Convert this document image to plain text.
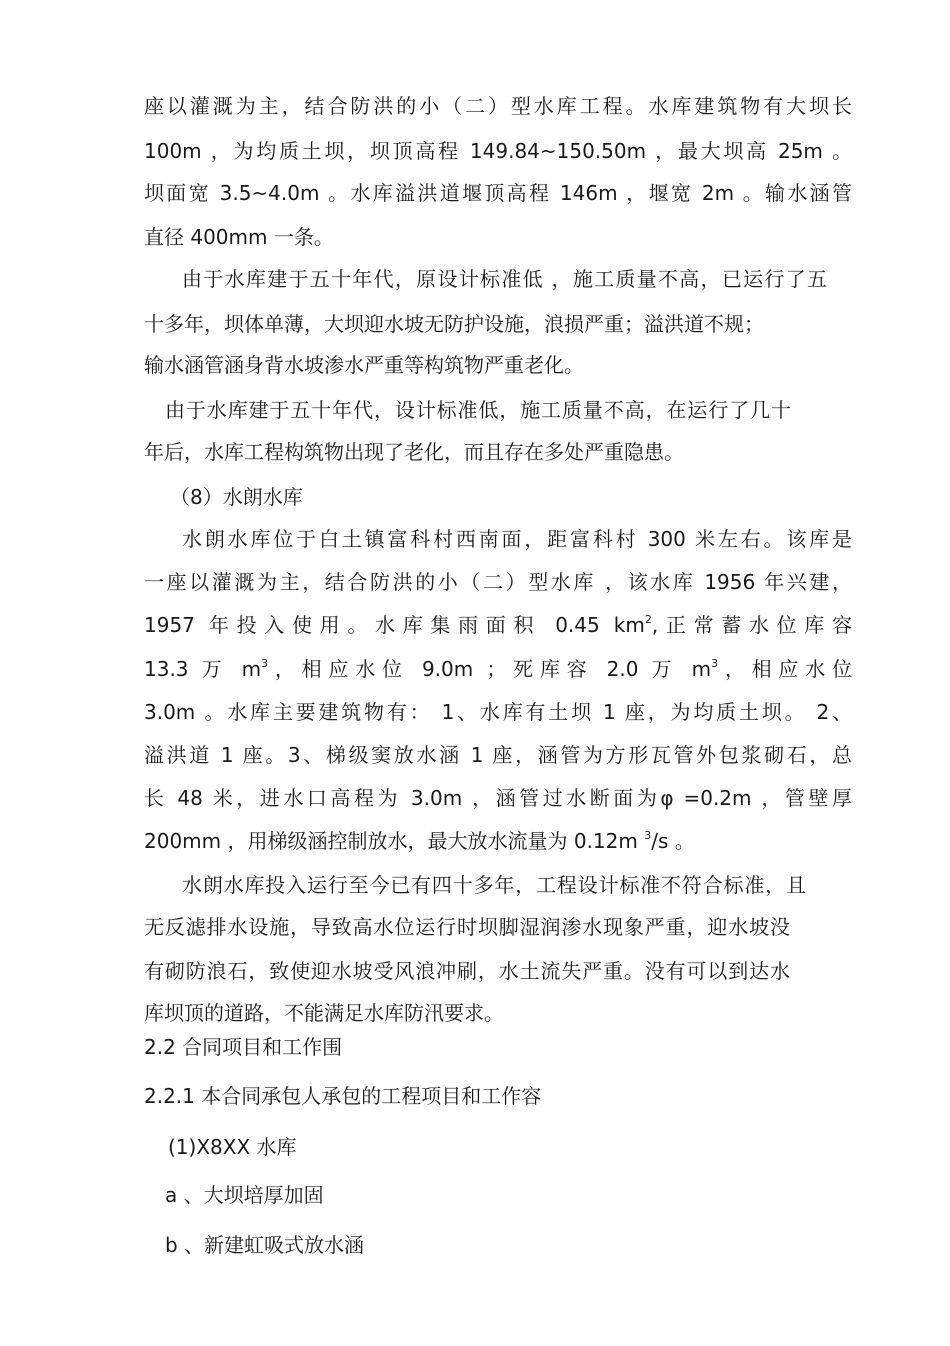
座以灌溉为主，结合防洪的小（二）型水库工程。水库建筑物有大坝长

100m ，为均质土坝，坝顶高程 149.84~150.50m ，最大坝高 25m 。

坝面宽 3.5~4.0m 。水库溢洪道堰顶高程 146m ，堰宽 2m 。输水涵管

直径 400mm 一条。

由于水库建于五十年代，原设计标准低 ，施工质量不高，已运行了五

十多年，坝体单薄，大坝迎水坡无防护设施，浪损严重；溢洪道不规；

输水涵管涵身背水坡渗水严重等构筑物严重老化。

由于水库建于五十年代，设计标准低，施工质量不高，在运行了几十

年后，水库工程构筑物出现了老化，而且存在多处严重隐患。

（8）水朗水库

水朗水库位于白土镇富科村西南面，距富科村 300 米左右。该库是

一座以灌溉为主，结合防洪的小（二）型水库 ，该水库 1956 年兴建，

1957 年投入使用。水库集雨面积 0.45 $km^2$,正常蓄水位库容

13.3 万 $m^3$，相应水位 9.0m ；死库容 2.0 万 $m^3$，相应水位

3.0m 。水库主要建筑物有： 1、水库有土坝 1 座，为均质土坝。 2、

溢洪道 1 座。3、梯级窦放水涵 1 座，涵管为方形瓦管外包浆砌石，总

长 48 米，进水口高程为 3.0m ，涵管过水断面为φ =0.2m ，管壁厚

200mm ，用梯级涵控制放水，最大放水流量为 0.12m $^3$/s 。

水朗水库投入运行至今已有四十多年，工程设计标准不符合标准，且

无反滤排水设施，导致高水位运行时坝脚湿润渗水现象严重，迎水坡没

有砌防浪石，致使迎水坡受风浪冲刷，水土流失严重。没有可以到达水

库坝顶的道路，不能满足水库防汛要求。

2.2 合同项目和工作围

2.2.1 本合同承包人承包的工程项目和工作容

(1)X8XX 水库

a 、大坝培厚加固

b 、新建虹吸式放水涵
